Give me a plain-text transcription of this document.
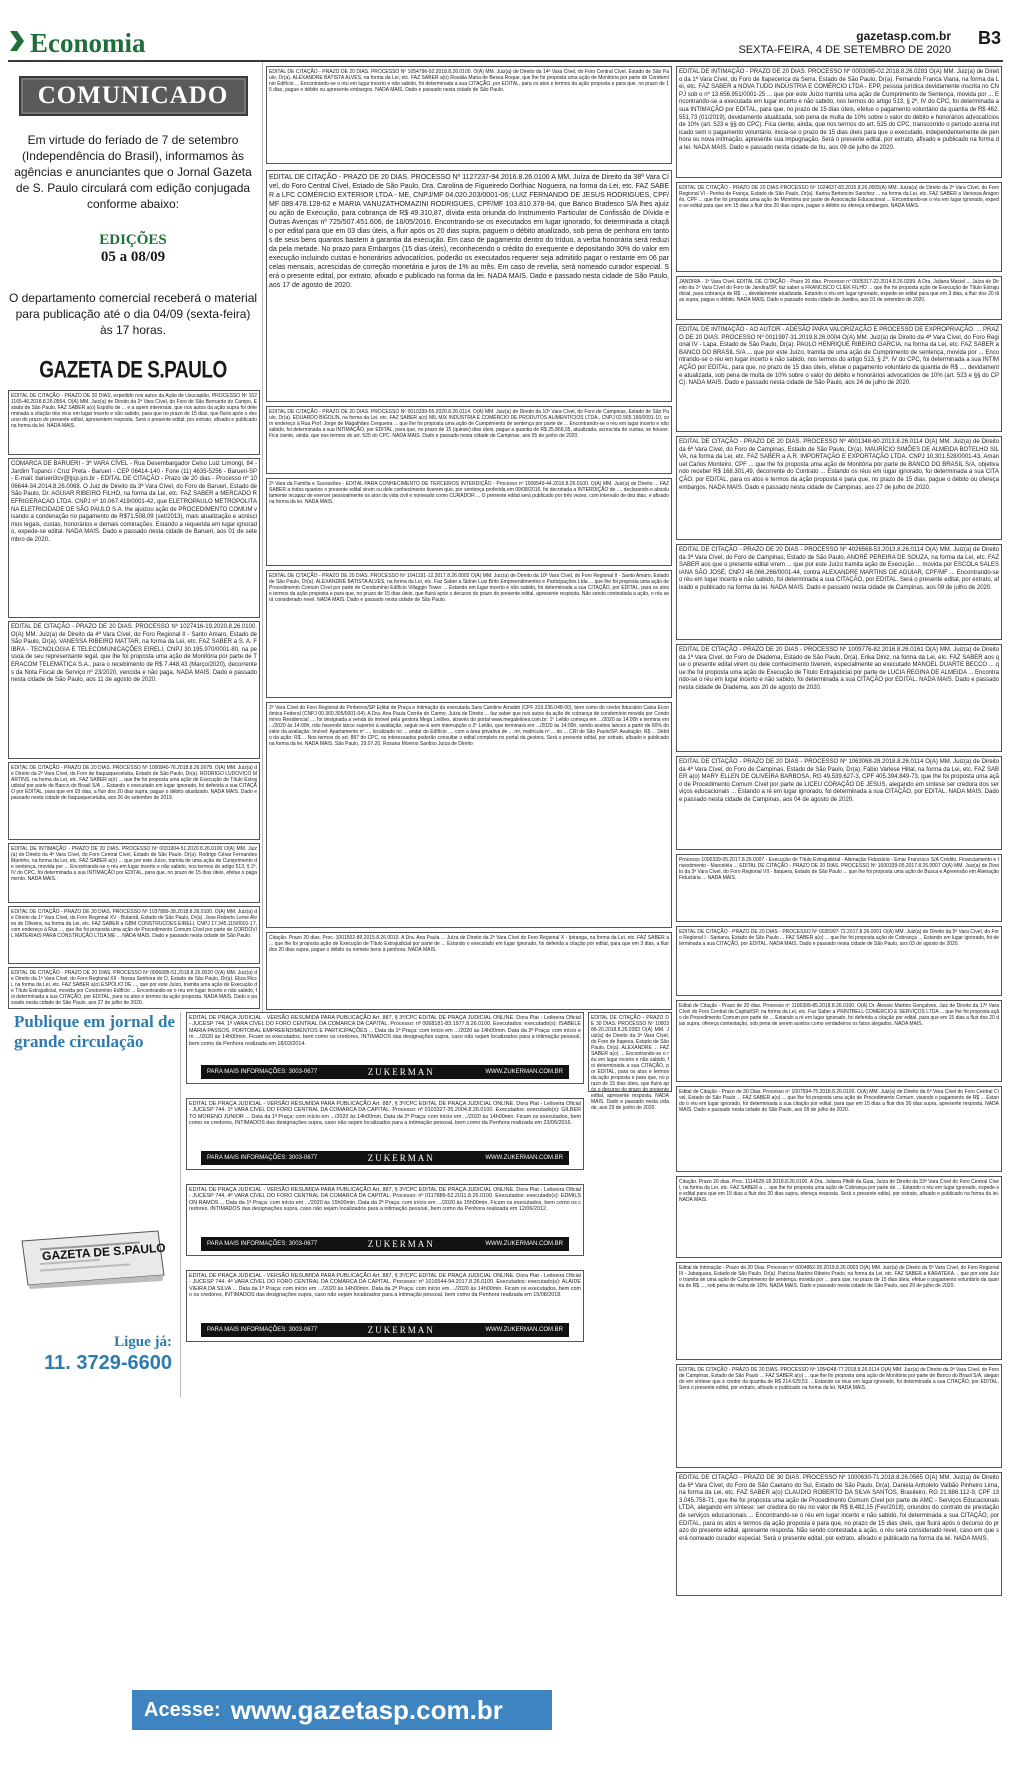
Economia	gazetasp.com.br
SEXTA-FEIRA, 4 DE SETEMBRO DE 2020
B3
COMUNICADO
Em virtude do feriado de 7 de setembro (Independência do Brasil), informamos às agências e anunciantes que o Jornal Gazeta de S. Paulo circulará com edição conjugada conforme abaixo:
EDIÇÕES
05 a 08/09
O departamento comercial receberá o material para publicação até o dia 04/09 (sexta-feira) às 17 horas.
GAZETA DE S.PAULO
EDITAL DE CITAÇÃO - PRAZO DE 30 DIAS, expedido nos autos da Ação de Usucapião, PROCESSO Nº 1021165-46.2018.8.26.0564. O(A) MM. Juiz(a) de Direito da 2ª Vara Cível, do Foro de São Bernardo do Campo, Estado de São Paulo, FAZ SABER a(o) Espólio de ... e a quem interessar, que nos autos da ação supra foi determinada a citação dos réus em lugar incerto e não sabido, para que no prazo de 15 dias, que fluirá após o decurso do prazo do presente edital, apresentem resposta. Será o presente edital, por extrato, afixado e publicado na forma da lei. NADA MAIS.
COMARCA DE BARUERI - 3ª VARA CÍVEL - Rua Desembargador Celso Luiz Limongi, 84 - Jardim Tupanci / Cruz Preta - Barueri - CEP 06414-140 - Fone (11) 4635-5256 - Barueri-SP - E-mail: barueri3cv@tjsp.jus.br - EDITAL DE CITAÇÃO - Prazo de 20 dias - Processo nº 1006644-34.2014.8.26.0068. O Juiz de Direito da 3ª Vara Cível, do Foro de Barueri, Estado de São Paulo, Dr. AGUIAR RIBEIRO FILHO, na forma da Lei, etc. FAZ SABER a MERCADO REFRIGERACAO LTDA. CNPJ nº 10.067.419/0001-42, que ELETROPAULO METROPOLITANA ELETRICIDADE DE SÃO PAULO S.A. lhe ajuizou ação de PROCEDIMENTO COMUM visando a condenação no pagamento de R$71.508,09 (set/2013), mais atualização e acréscimos legais, custas, honorários e demais cominações. Estando a requerida em lugar ignorado, expede-se edital. NADA MAIS. Dado e passado nesta cidade de Barueri, aos 01 de setembro de 2020.
EDITAL DE CITAÇÃO - PRAZO DE 20 DIAS. PROCESSO Nº 1027416-19.2020.8.26.0100. O(A) MM. Juiz(a) de Direito da 4ª Vara Cível, do Foro Regional II - Santo Amaro, Estado de São Paulo, Dr(a). VANESSA RIBEIRO MATTAR, na forma da Lei, etc. FAZ SABER a S. A. FIBRA - TECNOLOGIA E TELECOMUNICAÇÕES EIRELI, CNPJ 30.195.970/0001-80, na pessoa de seu representante legal, que lhe foi proposta uma ação de Monitória por parte de TERACOM TELEMÁTICA S.A., para o recebimento de R$ 7.448,43 (Março/2020), decorrentes da Nota Fiscal de Serviço nº 23/2020, vencida e não paga. NADA MAIS. Dado e passado nesta cidade de São Paulo, aos 11 de agosto de 2020.
EDITAL DE CITAÇÃO - PRAZO DE 20 DIAS. PROCESSO Nº 1000840-76.2018.8.26.0078. O(A) MM. Juiz(a) de Direito da 2ª Vara Cível, do Foro de Itaquaquecetuba, Estado de São Paulo, Dr(a). RODRIGO LUDOVICO MARTINS, na forma da Lei, etc. FAZ SABER a(o) ... que lhe foi proposta uma ação de Execução de Título Extrajudicial por parte de Banco do Brasil S/A ... Estando o executado em lugar ignorado, foi deferida a sua CITAÇÃO por EDITAL, para que em 03 dias, a fluir dos 20 dias supra, pague o débito atualizado. NADA MAIS. Dado e passado nesta cidade de Itaquaquecetuba, aos 26 de setembro de 2019.
EDITAL DE INTIMAÇÃO - PRAZO DE 20 DIAS. PROCESSO Nº 0031904-51.2020.8.26.0100 O(A) MM. Juiz(a) de Direito da 4ª Vara Cível, do Foro Central Cível, Estado de São Paulo, Dr(a). Rodrigo César Fernandes Marinho, na forma da Lei, etc. FAZ SABER a(o) ... que por este Juízo, tramita de uma ação de Cumprimento de sentença, movida por ... Encontrando-se o réu em lugar incerto e não sabido, nos termos do artigo 513, § 2º, IV do CPC, foi determinada a sua INTIMAÇÃO por EDITAL, para que, no prazo de 15 dias úteis, efetue o pagamento. NADA MAIS.
EDITAL DE CITAÇÃO - PRAZO DE 30 DIAS. PROCESSO Nº 1037889-38.2018.8.26.0100. O(A) MM. Juiz(a) de Direito da 1ª Vara Cível, do Foro Regional XV - Butantã, Estado de São Paulo, Dr(a). Jose Roberto Leme Alves de Oliveira, na forma da Lei, etc. FAZ SABER a GBM CONSTRUCOES EIRELI, CNPJ 17.345.115/0001-17, com endereço à Rua ..., que lhe foi proposta uma ação de Procedimento Comum Cível por parte de CORDOVIL MATERIAIS PARA CONSTRUÇÃO LTDA ME ... NADA MAIS. Dado e passado nesta cidade de São Paulo.
EDITAL DE CITAÇÃO - PRAZO DE 20 DIAS. PROCESSO Nº 0006685-51.2018.8.26.0020 O(A) MM. Juiz(a) de Direito da 1ª Vara Cível, do Foro Regional XII - Nossa Senhora do Ó, Estado de São Paulo, Dr(a). Eliza Ricci, na forma da Lei, etc. FAZ SABER a(o) ESPÓLIO DE ..., que por este Juízo, tramita uma ação de Execução de Título Extrajudicial, movida por Condomínio Edifício ... Encontrando-se o réu em lugar incerto e não sabido, foi determinada a sua CITAÇÃO, por EDITAL, para os atos e termos da ação proposta. NADA MAIS. Dado e passado nesta cidade de São Paulo, aos 27 de julho de 2020.
EDITAL DE CITAÇÃO - PRAZO DE 20 DIAS. PROCESSO Nº 1054796-92.2018.8.26.0100. O(A) MM. Juiz(a) de Direito da 14ª Vara Cível, do Foro Central Cível, Estado de São Paulo, Dr(a). ALEXANDRE BATISTA ALVES, na forma da Lei, etc. FAZ SABER a(o) Rosália Maria de Bessa Roque, que lhe foi proposta uma ação de Monitória por parte de Condomínio Edifício ... Encontrando-se o réu em lugar incerto e não sabido, foi determinada a sua CITAÇÃO, por EDITAL, para os atos e termos da ação proposta e para que, no prazo de 15 dias, pague o débito ou apresente embargos. NADA MAIS. Dado e passado nesta cidade de São Paulo.
EDITAL DE CITAÇÃO - PRAZO DE 20 DIAS. PROCESSO Nº 1127237-94.2016.8.26.0100 A MM. Juíza de Direito da 38ª Vara Cível, do Foro Central Cível, Estado de São Paulo, Dra. Carolina de Figueiredo Dorlhiac Nogueira, na forma da Lei, etc. FAZ SABER a LFC COMÉRCIO EXTERIOR LTDA - ME, CNPJ/MF 04.020.203/0001-06; LUIZ FERNANDO DE JESUS RODRIGUES, CPF/MF 089.478.128-62 e MARIA VANUZATHOMAZINI RODRIGUES, CPF/MF 103.810.378-94, que Banco Bradesco S/A lhes ajuizou ação de Execução, para cobrança de R$ 49.310,87, dívida esta oriunda do Instrumento Particular de Confissão de Dívida e Outras Avenças nº 725/507.451.606, de 18/05/2016. Encontrando-se os executados em lugar ignorado, foi determinada a citação por edital para que em 03 dias úteis, a fluir após os 20 dias supra, paguem o débito atualizado, sob pena de penhora em tantos de seus bens quantos bastem à garantia da execução. Em caso de pagamento dentro do tríduo, a verba honorária será reduzida pela metade. No prazo para Embargos (15 dias úteis), reconhecendo o crédito do exequente e depositando 30% do valor em execução incluindo custas e honorários advocatícios, poderão os executados requerer seja admitido pagar o restante em 06 parcelas mensais, acrescidas de correção monetária e juros de 1% ao mês. Em caso de revelia, será nomeado curador especial. Será o presente edital, por extrato, afixado e publicado na forma da lei. NADA MAIS. Dado e passado nesta cidade de São Paulo, aos 17 de agosto de 2020.
EDITAL DE CITAÇÃO - PRAZO DE 20 DIAS. PROCESSO Nº 0010339-55.2020.8.26.0114. O(A) MM. Juiz(a) de Direito da 10ª Vara Cível, do Foro de Campinas, Estado de São Paulo, Dr(a). EDUARDO BIGOLIN, na forma da Lei, etc. FAZ SABER a(o) MIL MIX INDÚSTRIA E COMÉRCIO DE PRODUTOS ALIMENTÍCIOS LTDA., CNPJ 02.565.166/0001-10, com endereço à Rua Prof. Jorge de Magalhães Cerqueira ... que lhe foi proposta uma ação de Cumprimento de sentença por parte de ... Encontrando-se o réu em lugar incerto e não sabido, foi determinada a sua INTIMAÇÃO, por EDITAL, para que, no prazo de 15 (quinze) dias úteis, pague a quantia de R$ 25.866,05, atualizada, acrescida de custas, se houver. Fica ciente, ainda, que nos termos do art. 525 do CPC. NADA MAIS. Dado e passado nesta cidade de Campinas, aos 05 de junho de 2020.
2ª Vara da Família e Sucessões - EDITAL PARA CONHECIMENTO DE TERCEIROS INTERDIÇÃO - Processo nº 1006549-44.2016.8.26.0100. O(A) MM. Juiz(a) de Direito ... FAZ SABER a todos quantos o presente edital virem ou dele conhecimento tiverem que, por sentença proferida em 09/08/2016, foi decretada a INTERDIÇÃO de ..., declarando-o absolutamente incapaz de exercer pessoalmente os atos da vida civil e nomeado como CURADOR ... O presente edital será publicado por três vezes, com intervalo de dez dias, e afixado na forma da lei. NADA MAIS.
EDITAL DE CITAÇÃO - PRAZO DE 20 DIAS. PROCESSO Nº 1041191-12.2017.8.26.0002 O(A) MM. Juiz(a) de Direito da 10ª Vara Cível, do Foro Regional II - Santo Amaro, Estado de São Paulo, Dr(a). ALEXANDRE BATISTA ALVES, na forma da Lei, etc. Faz Saber a Sidnei Luiz Brito Empreendimentos e Participações Ltda ... que lhe foi proposta uma ação de Procedimento Comum Cível por parte de Condomínio Edifício Villaggio Tower ... Estando em lugar incerto e não sabido, foi determinada a sua CITAÇÃO, por EDITAL, para os atos e termos da ação proposta e para que, no prazo de 15 dias úteis, que fluirá após o decurso do prazo do presente edital, apresente resposta. Não sendo contestada a ação, o réu será considerado revel. NADA MAIS. Dado e passado nesta cidade de São Paulo.
2ª Vara Cível do Foro Regional de Pinheiros/SP Edital de Praça e Intimação da executada Sara Caroline Arnaldo (CPF 319.236.048-00), bem como do credor fiduciário Caixa Econômica Federal (CNPJ 00.360.305/0001-04). A Dra. Ana Paula Corrêa do Carmo, Juíza de Direito ... faz saber que nos autos da ação de cobrança de condomínio movida por Condomínio Residencial ..., foi designada a venda do imóvel pela gestora Mega Leilões, através do portal www.megaleiloes.com.br: 1º Leilão começa em .../2020 às 14:00h e termina em .../2020 às 14:00h, não havendo lance superior à avaliação, seguir-se-á sem interrupção o 2º Leilão, que terminará em .../2020 às 14:00h, sendo aceitos lances a partir de 60% do valor da avaliação. Imóvel: Apartamento nº ..., localizado no ... andar do Edifício ..., com a área privativa de ... m², matrícula nº ... do ... CRI de São Paulo/SP. Avaliação: R$ ... Débito da ação: R$ ... Nos termos do art. 887 do CPC, os interessados poderão consultar o edital completo no portal da gestora. Será o presente edital, por extrato, afixado e publicado na forma da lei. NADA MAIS. São Paulo, 29.07.20. Rosana Moreno Santiso Juíza de Direito
Citação. Prazo 20 dias. Proc. 1001502-89.2015.8.26.0010. A Dra. Ana Paula ... Juíza de Direito da 2ª Vara Cível do Foro Regional X - Ipiranga, na forma da Lei, etc. FAZ SABER a ... que lhe foi proposta ação de Execução de Título Extrajudicial por parte de ... Estando o executado em lugar ignorado, foi deferida a citação por edital, para que em 3 dias, a fluir dos 20 dias supra, pague o débito ou nomeie bens à penhora. NADA MAIS.
EDITAL DE INTIMAÇÃO - PRAZO DE 20 DIAS. PROCESSO Nº 0003085-02.2018.8.26.0283 O(A) MM. Juiz(a) de Direito da 1ª Vara Cível, do Foro de Itapecerica da Serra, Estado de São Paulo, Dr(a). Fernando Franca Viana, na forma da Lei, etc. FAZ SABER a NOVA TUDO INDÚSTRIA E COMÉRCIO LTDA - EPP, pessoa jurídica devidamente inscrita no CNPJ sob o nº 13.656.951/0001-25 ... que por este Juízo tramita uma ação de Cumprimento de Sentença, movida por ... Encontrando-se a executada em lugar incerto e não sabido, nos termos do artigo 513, § 2º, IV do CPC, foi determinada a sua INTIMAÇÃO por EDITAL, para que, no prazo de 15 dias úteis, efetue o pagamento voluntário da quantia de R$ 462.551,73 (01/2019), devidamente atualizada, sob pena de multa de 10% sobre o valor do débito e honorários advocatícios de 10% (art. 523 e §§ do CPC). Fica ciente, ainda, que nos termos do art. 525 do CPC, transcorrido o período acima indicado sem o pagamento voluntário, inicia-se o prazo de 15 dias úteis para que o executado, independentemente de penhora ou nova intimação, apresente sua impugnação. Será o presente edital, por extrato, afixado e publicado na forma da lei. NADA MAIS. Dado e passado nesta cidade de Itu, aos 09 de julho de 2020.
EDITAL DE CITAÇÃO - PRAZO DE 20 DIAS PROCESSO Nº 1024637-83.2015.8.26.0005(A) MM. Juíza(a) de Direito da 2ª Vara Cível, do Foro Regional VI - Penha de França, Estado de São Paulo, Dr(a). Karina Bertoncini Sanchez ... na forma da Lei, etc. FAZ SABER a Vanessa Aragonês, CPF ... que lhe foi proposta uma ação de Monitória por parte de Associação Educacional ... Encontrando-se o réu em lugar ignorado, expede-se edital para que em 15 dias a fluir dos 20 dias supra, pague o débito ou ofereça embargos. NADA MAIS.
JANDIRA - 1ª Vara Cível. EDITAL DE CITAÇÃO - Prazo 20 dias. Processo nº 0005317-22.2014.8.26.0299. A Dra. Juliana Maciel ... Juíza de Direito da 1ª Vara Cível do Foro de Jandira/SP, faz saber a FRANCISCO CLIEK FILHO ... que lhe foi proposta ação de Execução de Título Extrajudicial, para cobrança de R$ ..., devidamente atualizada. Estando o réu em lugar ignorado, expede-se edital para que em 3 dias, a fluir dos 20 dias supra, pague o débito. NADA MAIS. Dado e passado nesta cidade de Jandira, aos 01 de setembro de 2020.
EDITAL DE INTIMAÇÃO - AO AUTOR - ADESÃO PARA VALORIZAÇÃO E PROCESSO DE EXPROPRIAÇÃO. ... PRAZO DE 20 DIAS. PROCESSO Nº 0011997-31.2019.8.26.0004 O(A) MM. Juiz(a) de Direito da 4ª Vara Cível, do Foro Regional IV - Lapa, Estado de São Paulo, Dr(a). PAULO HENRIQUE RIBEIRO GARCIA, na forma da Lei, etc. FAZ SABER a BANCO DO BRASIL S/A ... que por este Juízo, tramita de uma ação de Cumprimento de sentença, movida por ... Encontrando-se o réu em lugar incerto e não sabido, nos termos do artigo 513, § 2º, IV do CPC, foi determinada a sua INTIMAÇÃO por EDITAL, para que, no prazo de 15 dias úteis, efetue o pagamento voluntário da quantia de R$ ..., devidamente atualizada, sob pena de multa de 10% sobre o valor do débito e honorários advocatícios de 10% (art. 523 e §§ do CPC). NADA MAIS. Dado e passado nesta cidade de São Paulo, aos 24 de julho de 2020.
EDITAL DE CITAÇÃO - PRAZO DE 20 DIAS. PROCESSO Nº 4001348-60.2013.8.26.0114 O(A) MM. Juiz(a) de Direito da 6ª Vara Cível, do Foro de Campinas, Estado de São Paulo, Dr(a). MAURÍCIO SIMÕES DE ALMEIDA BOTELHO SILVA, na forma da Lei, etc. FAZ SABER a A.R. IMPORTAÇÃO E EXPORTAÇÃO LTDA. CNPJ 10.301.528/0001-43, Amanuel Carlos Monteiro, CPF ... que lhe foi proposta uma ação de Monitória por parte de BANCO DO BRASIL S/A, objetivando receber R$ 168.301,49, decorrente do Contrato ... Estando os réus em lugar ignorado, foi determinada a sua CITAÇÃO, por EDITAL, para os atos e termos da ação proposta e para que, no prazo de 15 dias, pague o débito ou ofereça embargos. NADA MAIS. Dado e passado nesta cidade de Campinas, aos 27 de julho de 2020.
EDITAL DE CITAÇÃO - PRAZO DE 20 DIAS - PROCESSO Nº 4026568-53.2013.8.26.0114 O(A) MM. Juiz(a) de Direito da 3ª Vara Cível, do Foro de Campinas, Estado de São Paulo, ANDRÉ PEREIRA DE SOUZA, na forma da Lei, etc. FAZ SABER aos que o presente edital virem ... que por este Juízo tramita ação de Execução ... movida por ESCOLA SALESIANA SÃO JOSÉ, CNPJ 46.066.266/0001-44, contra ALEXANDRE MARTINS DE AGUIAR, CPF/MF ... Encontrando-se o réu em lugar incerto e não sabido, foi determinada a sua CITAÇÃO, por EDITAL. Será o presente edital, por extrato, afixado e publicado na forma da lei. NADA MAIS. Dado e passado nesta cidade de Campinas, aos 09 de julho de 2020.
EDITAL DE CITAÇÃO - PRAZO DE 20 DIAS - PROCESSO Nº 1009776-82.2016.8.26.0161 O(A) MM. Juiz(a) de Direito da 1ª Vara Cível, do Foro de Diadema, Estado de São Paulo, Dr(a). Erika Diniz, na forma da Lei, etc. FAZ SABER aos que o presente edital virem ou dele conhecimento tiverem, especialmente ao executado MANOEL DUARTE BECCO ... que lhe foi proposta uma ação de Execução de Título Extrajudicial por parte de LUCIA REGINA DE ALMEIDA ... Encontrando-se o réu em lugar incerto e não sabido, foi determinada a sua CITAÇÃO por EDITAL. NADA MAIS. Dado e passado nesta cidade de Diadema, aos 20 de agosto de 2020.
EDITAL DE CITAÇÃO - PRAZO DE 20 DIAS - PROCESSO Nº 1063068-28.2018.8.26.0114 O(A) MM. Juiz(a) de Direito da 4ª Vara Cível, do Foro de Campinas, Estado de São Paulo, Dr(a). Fábio Varlese Hillal, na forma da Lei, etc. FAZ SABER a(o) MARY ELLEN DE OLIVEIRA BARBOSA, RG 49.539.627-3, CPF 405.394.849-73, que lhe foi proposta uma ação de Procedimento Comum Cível por parte de LICEU CORAÇÃO DE JESUS, alegando em síntese ser credora dos serviços educacionais ... Estando a ré em lugar ignorado, foi determinada a sua CITAÇÃO, por EDITAL. NADA MAIS. Dado e passado nesta cidade de Campinas, aos 04 de agosto de 2020.
Processo 1000339-05.2017.8.26.0007 - Execução de Título Extrajudicial - Alienação Fiduciária - Emar Francisco S/A Crédito, Financiamento e Investimento - Marceléia ... EDITAL DE CITAÇÃO - PRAZO DE 20 DIAS. PROCESSO Nº 1000339-05.2017.8.26.0007 O(A) MM. Juiz(a) de Direito da 3ª Vara Cível, do Foro Regional VII - Itaquera, Estado de São Paulo ... que lhe foi proposta uma ação de Busca e Apreensão em Alienação Fiduciária ... NADA MAIS.
EDITAL DE CITAÇÃO - PRAZO DE 20 DIAS - PROCESSO Nº 0035997-72.2017.8.26.0001 O(A) MM. Juiz(a) de Direito da 5ª Vara Cível, do Foro Regional I - Santana, Estado de São Paulo ... FAZ SABER a(o) ... que lhe foi proposta ação de Cobrança ... Estando em lugar ignorado, foi determinada a sua CITAÇÃO, por EDITAL. NADA MAIS. Dado e passado nesta cidade de São Paulo, aos 03 de agosto de 2020.
Edital de Citação - Prazo de 20 dias. Processo nº 1100399-85.2018.8.26.0100. O(A) Dr. Alessio Martins Gonçalves, Juiz de Direito da 17ª Vara Cível do Foro Central da Capital/SP, na forma da Lei, etc. Faz Saber a PRINTBELL COMÉRCIO E SERVIÇOS LTDA ... que lhe foi proposta ação de Procedimento Comum por parte de ... Estando a ré em lugar ignorado, foi deferida a citação por edital, para que em 15 dias a fluir dos 20 dias supra, ofereça contestação, sob pena de serem aceitos como verdadeiros os fatos alegados. NADA MAIS.
Edital de Citação - Prazo de 30 Dias. Processo nº 1007594-75.2018.8.26.0100. O(A) MM. Juiz(a) de Direito da 6ª Vara Cível do Foro Central Cível, Estado de São Paulo ... FAZ SABER a(o) ... que lhe foi proposta uma ação de Procedimento Comum, visando o pagamento de R$ ... Estando o réu em lugar ignorado, foi determinada a sua citação por edital, para que em 15 dias a fluir dos 30 dias supra, apresente resposta. NADA MAIS. Dado e passado nesta cidade de São Paulo, aos 09 de julho de 2020.
Citação. Prazo 20 dias. Proc. 1114628-18.2018.8.26.0100. A Dra. Juliana Pitelli da Guia, Juíza de Direito da 33ª Vara Cível do Foro Central Cível, na forma da Lei, etc. FAZ SABER a ... que lhe foi proposta uma ação de Cobrança por parte de ... Estando o réu em lugar ignorado, expede-se edital para que em 15 dias a fluir dos 20 dias supra, ofereça resposta. Será o presente edital, por extrato, afixado e publicado na forma da lei. NADA MAIS.
Edital de Intimação - Prazo de 20 Dias. Processo nº 0004882-28.2019.8.26.0003 O(A) MM. Juiz(a) de Direito da 5ª Vara Cível, do Foro Regional III - Jabaquara, Estado de São Paulo, Dr(a). Patrícia Martins Ribeiro Prado, na forma da Lei, etc. FAZ SABER a KARATEKA ... que por este Juízo tramita de uma ação de Cumprimento de sentença, movida por ... para que, no prazo de 15 dias úteis, efetue o pagamento voluntário da quantia de R$ ..., sob pena de multa de 10%. NADA MAIS. Dado e passado nesta cidade de São Paulo, aos 29 de julho de 2020.
EDITAL DE CITAÇÃO - PRAZO DE 20 DIAS. PROCESSO Nº 1054248-77.2018.8.26.0114 O(A) MM. Juiz(a) de Direito da 9ª Vara Cível, do Foro de Campinas, Estado de São Paulo ... FAZ SABER a(o) ... que lhe foi proposta uma ação de Monitória por parte de Banco do Brasil S/A, alegando em síntese que é credor da quantia de R$ 214.629,53 ... Estando os réus em lugar ignorado, foi determinada a sua CITAÇÃO, por EDITAL. Será o presente edital, por extrato, afixado e publicado na forma da lei. NADA MAIS.
EDITAL DE CITAÇÃO - PRAZO DE 30 DIAS. PROCESSO Nº 1000630-71.2018.8.26.0565 O(A) MM. Juiz(a) de Direito da 6ª Vara Cível, do Foro de São Caetano do Sul, Estado de São Paulo, Dr(a). Daniela Anholeto Valbão Pinheiro Lima, na forma da Lei, etc. FAZ SABER a(o) CLAUDIO ROBERTO DA SILVA SANTOS, Brasileiro, RG 21.886.112-9, CPF 133.045.758-71, que lhe foi proposta uma ação de Procedimento Comum Cível por parte de AMC - Serviços Educacionais LTDA, alegando em síntese: ser credora do réu no valor de R$ 8.482,15 (Fev/2018), oriundos do contrato de prestação de serviços educacionais ... Encontrando-se o réu em lugar incerto e não sabido, foi determinada a sua CITAÇÃO, por EDITAL, para os atos e termos da ação proposta e para que, no prazo de 15 dias úteis, que fluirá após o decurso do prazo do presente edital, apresente resposta. Não sendo contestada a ação, o réu será considerado revel, caso em que será nomeado curador especial. Será o presente edital, por extrato, afixado e publicado na forma da lei. NADA MAIS.
EDITAL DE CITAÇÃO - PRAZO DE 30 DIAS. PROCESSO Nº 1000386-20.2018.8.26.0283 O(A) MM. Juiz(a) de Direito da 3ª Vara Cível, do Foro de Itapeva, Estado de São Paulo, Dr(a). ALEXANDRE ... FAZ SABER a(o) ... Encontrando-se o réu em lugar incerto e não sabido, foi determinada a sua CITAÇÃO, por EDITAL, para os atos e termos da ação proposta e para que, no prazo de 15 dias úteis, que fluirá após o decurso do prazo do presente edital, apresente resposta. NADA MAIS. Dado e passado nesta cidade, aos 29 de junho de 2020.
EDITAL DE PRAÇA JUDICIAL - VERSÃO RESUMIDA PARA PUBLICAÇÃO Art. 887, § 3º/CPC EDITAL DE PRAÇA JUDICIAL ONLINE. Dora Plat - Leiloeira Oficial - JUCESP 744. 1ª VARA CÍVEL DO FORO CENTRAL DA COMARCA DA CAPITAL. Processo: nº 0068181-83.1977.8.26.0100. Executados: executado(s): ISABELE MARIA PASSOS, PORTOBAL EMPREENDIMENTOS E PARTICIPAÇÕES ... Data da 1ª Praça: com início em .../2020 às 14h00min. Data da 2ª Praça: com início em .../2020 às 14h00min. Ficam os executados, bem como os credores, INTIMADOS das designações supra, caso não sejam localizados para a intimação pessoal, bem como da Penhora realizada em 18/03/2014.
PARA MAIS INFORMAÇÕES: 3003-0677	ZUKERMAN	WWW.ZUKERMAN.COM.BR
EDITAL DE PRAÇA JUDICIAL - VERSÃO RESUMIDA PARA PUBLICAÇÃO Art. 887, § 3º/CPC EDITAL DE PRAÇA JUDICIAL ONLINE. Dora Plat - Leiloeira Oficial - JUCESP 744. 1ª VARA CÍVEL DO FORO CENTRAL DA COMARCA DA CAPITAL. Processo: nº 0103327-35.2004.8.26.0100. Executados: executado(s): GILBERTO MORENO JUNIOR ... Data da 1ª Praça: com início em .../2020 às 14h00min. Data da 2ª Praça: com início em .../2020 às 14h00min. Ficam os executados, bem como os credores, INTIMADOS das designações supra, caso não sejam localizados para a intimação pessoal, bem como da Penhora realizada em 23/06/2016.
PARA MAIS INFORMAÇÕES: 3003-0677	ZUKERMAN	WWW.ZUKERMAN.COM.BR
EDITAL DE PRAÇA JUDICIAL - VERSÃO RESUMIDA PARA PUBLICAÇÃO Art. 887, § 3º/CPC EDITAL DE PRAÇA JUDICIAL ONLINE. Dora Plat - Leiloeira Oficial - JUCESP 744. 4ª VARA CÍVEL DO FORO CENTRAL DA COMARCA DA CAPITAL. Processo: nº 0117886-52.2011.8.26.0100. Executados: executado(s): EDMILSON RAMOS ... Data da 1ª Praça: com início em .../2020 às 15h00min. Data da 2ª Praça: com início em .../2020 às 15h00min. Ficam os executados, bem como os credores, INTIMADOS das designações supra, caso não sejam localizados para a intimação pessoal, bem como da Penhora realizada em 12/06/2012.
PARA MAIS INFORMAÇÕES: 3003-0677	ZUKERMAN	WWW.ZUKERMAN.COM.BR
EDITAL DE PRAÇA JUDICIAL - VERSÃO RESUMIDA PARA PUBLICAÇÃO Art. 887, § 3º/CPC EDITAL DE PRAÇA JUDICIAL ONLINE. Dora Plat - Leiloeira Oficial - JUCESP 744. 4ª VARA CÍVEL DO FORO CENTRAL DA COMARCA DA CAPITAL. Processo: nº 1016544-94.2017.8.26.0100. Executados: executado(s): ALAIDE VIEIRA DA SILVA ... Data da 1ª Praça: com início em .../2020 às 14h00min. Data da 2ª Praça: com início em .../2020 às 14h00min. Ficam os executados, bem como os credores, INTIMADOS das designações supra, caso não sejam localizados para a intimação pessoal, bem como da Penhora realizada em 15/08/2018.
PARA MAIS INFORMAÇÕES: 3003-0677	ZUKERMAN	WWW.ZUKERMAN.COM.BR
Publique em jornal de grande circulação
GAZETA DE S.PAULO
Ligue já:
11. 3729-6600
Acesse: www.gazetasp.com.br
